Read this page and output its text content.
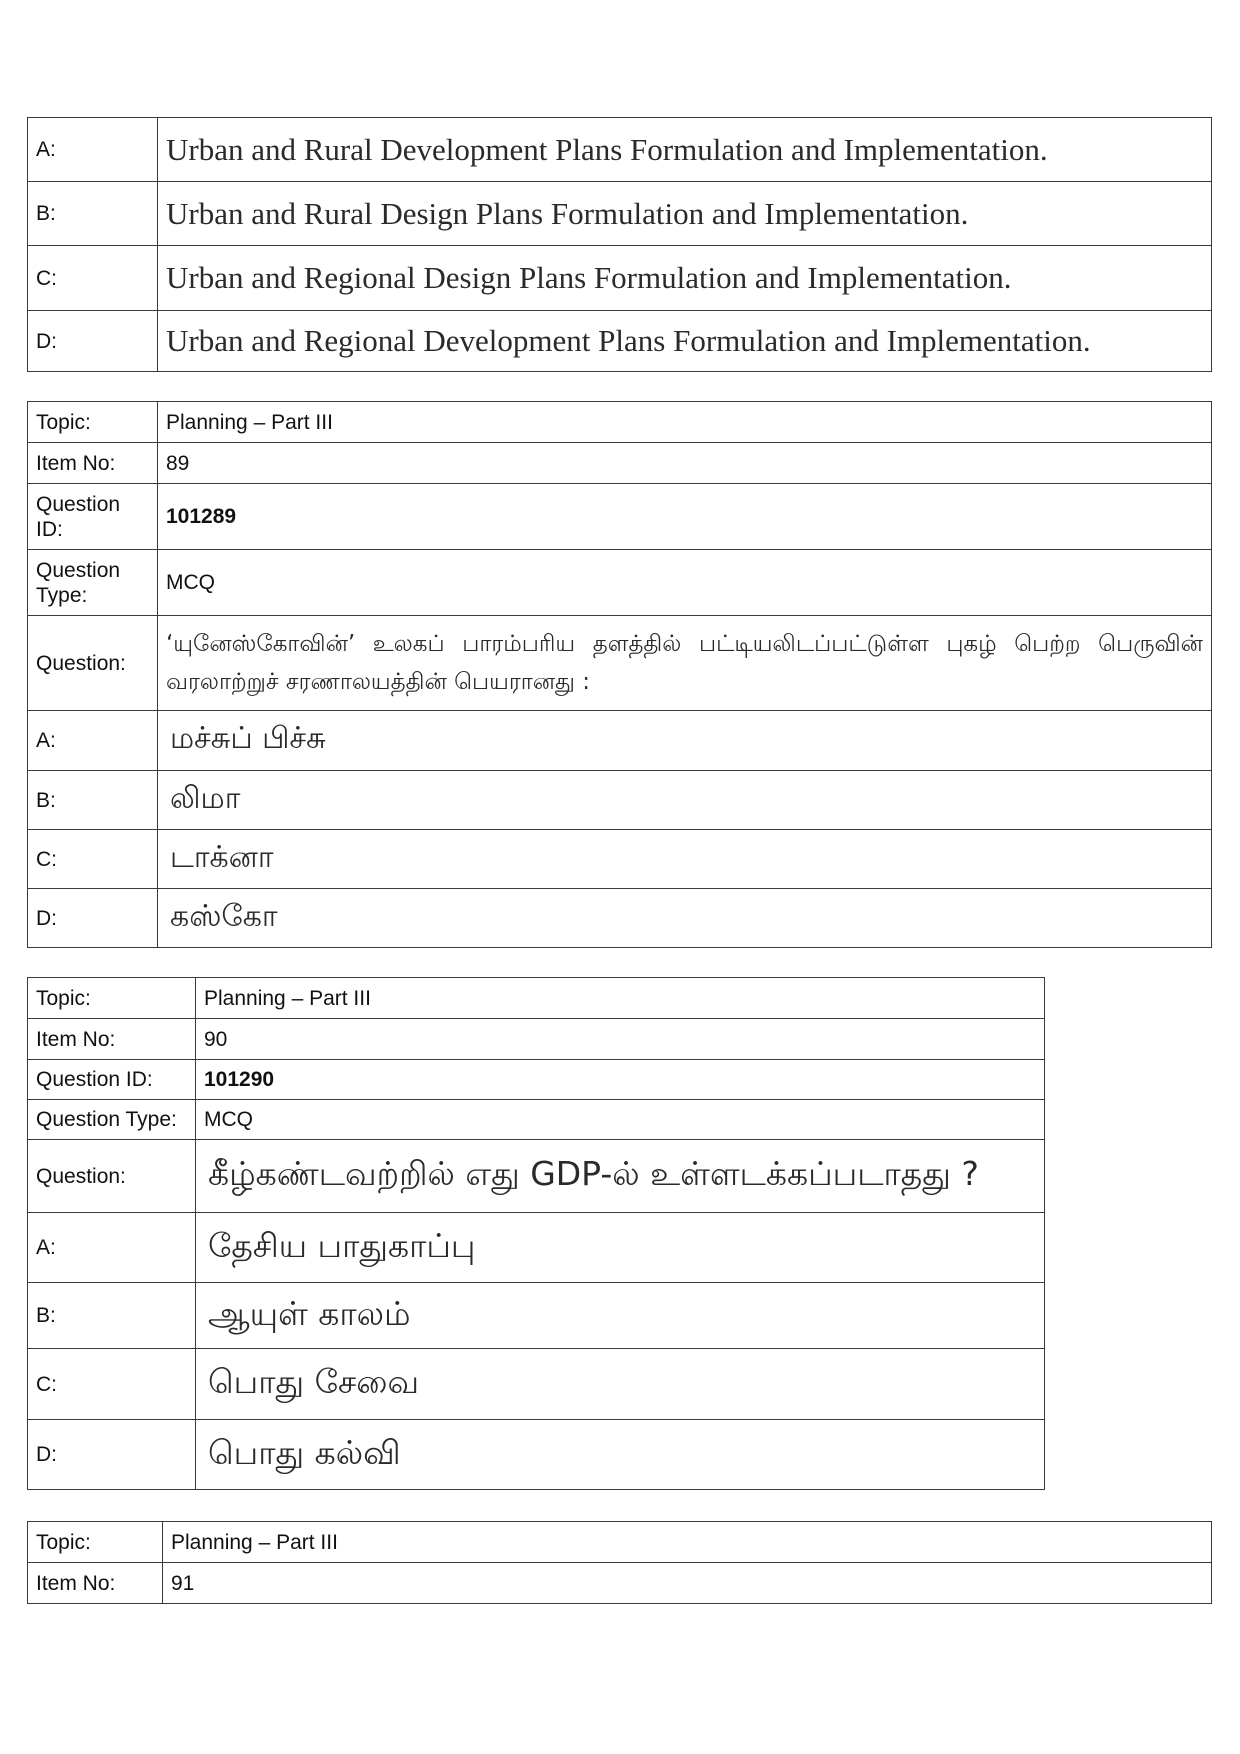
A:	Urban and Rural Development Plans Formulation and Implementation.
B:	Urban and Rural Design Plans Formulation and Implementation.
C:	Urban and Regional Design Plans Formulation and Implementation.
D:	Urban and Regional Development Plans Formulation and Implementation.
Topic:	Planning – Part III
Item No:	89
Question ID:	101289
Question Type:	MCQ
Question:	‘யுனேஸ்கோவின்’ உலகப் பாரம்பரிய தளத்தில் பட்டியலிடப்பட்டுள்ள புகழ் பெற்ற பெருவின் வரலாற்றுச் சரணாலயத்தின் பெயரானது :
A:	மச்சுப் பிச்சு
B:	லிமா
C:	டாக்னா
D:	கஸ்கோ
Topic:	Planning – Part III
Item No:	90
Question ID:	101290
Question Type:	MCQ
Question:	கீழ்கண்டவற்றில் எது GDP-ல் உள்ளடக்கப்படாதது ?
A:	தேசிய பாதுகாப்பு
B:	ஆயுள் காலம்
C:	பொது சேவை
D:	பொது கல்வி
Topic:	Planning – Part III
Item No:	91
